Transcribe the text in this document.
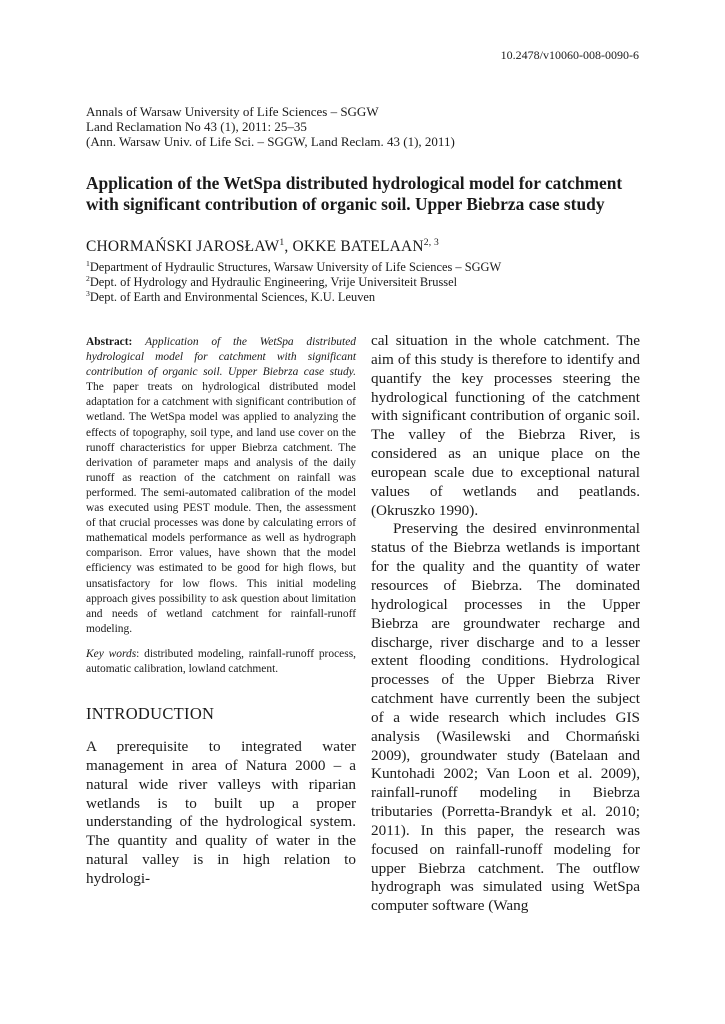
10.2478/v10060-008-0090-6
Annals of Warsaw University of Life Sciences – SGGW
Land Reclamation No 43 (1), 2011: 25–35
(Ann. Warsaw Univ. of Life Sci. – SGGW, Land Reclam. 43 (1), 2011)
Application of the WetSpa distributed hydrological model for catchment with significant contribution of organic soil. Upper Biebrza case study
CHORMAŃSKI JAROSŁAW$^1$, OKKE BATELAAN$^{2, 3}$
$^1$Department of Hydraulic Structures, Warsaw University of Life Sciences – SGGW
$^2$Dept. of Hydrology and Hydraulic Engineering, Vrije Universiteit Brussel
$^3$Dept. of Earth and Environmental Sciences, K.U. Leuven

Abstract: Application of the WetSpa distributed hydrological model for catchment with significant contribution of organic soil. Upper Biebrza case study. The paper treats on hydrological distributed model adaptation for a catchment with significant contribution of wetland. The WetSpa model was applied to analyzing the effects of topography, soil type, and land use cover on the runoff characteristics for upper Biebrza catchment. The derivation of parameter maps and analysis of the daily runoff as reaction of the catchment on rainfall was performed. The semi-automated calibration of the model was executed using PEST module. Then, the assessment of that crucial processes was done by calculating errors of mathematical models performance as well as hydrograph comparison. Error values, have shown that the model efficiency was estimated to be good for high flows, but unsatisfactory for low flows. This initial modeling approach gives possibility to ask question about limitation and needs of wetland catchment for rainfall-runoff modeling.

Key words: distributed modeling, rainfall-runoff process, automatic calibration, lowland catchment.

INTRODUCTION

A prerequisite to integrated water management in area of Natura 2000 – a natural wide river valleys with riparian wetlands is to built up a proper understanding of the hydrological system. The quantity and quality of water in the natural valley is in high relation to hydrologi-

cal situation in the whole catchment. The aim of this study is therefore to identify and quantify the key processes steering the hydrological functioning of the catchment with significant contribution of organic soil. The valley of the Biebrza River, is considered as an unique place on the european scale due to exceptional natural values of wetlands and peatlands. (Okruszko 1990).

Preserving the desired envinronmental status of the Biebrza wetlands is important for the quality and the quantity of water resources of Biebrza. The dominated hydrological processes in the Upper Biebrza are groundwater recharge and discharge, river discharge and to a lesser extent flooding conditions. Hydrological processes of the Upper Biebrza River catchment have currently been the subject of a wide research which includes GIS analysis (Wasilewski and Chormański 2009), groundwater study (Batelaan and Kuntohadi 2002; Van Loon et al. 2009), rainfall-runoff modeling in Biebrza tributaries (Porretta-Brandyk et al. 2010; 2011). In this paper, the research was focused on rainfall-runoff modeling for upper Biebrza catchment. The outflow hydrograph was simulated using WetSpa computer software (Wang
